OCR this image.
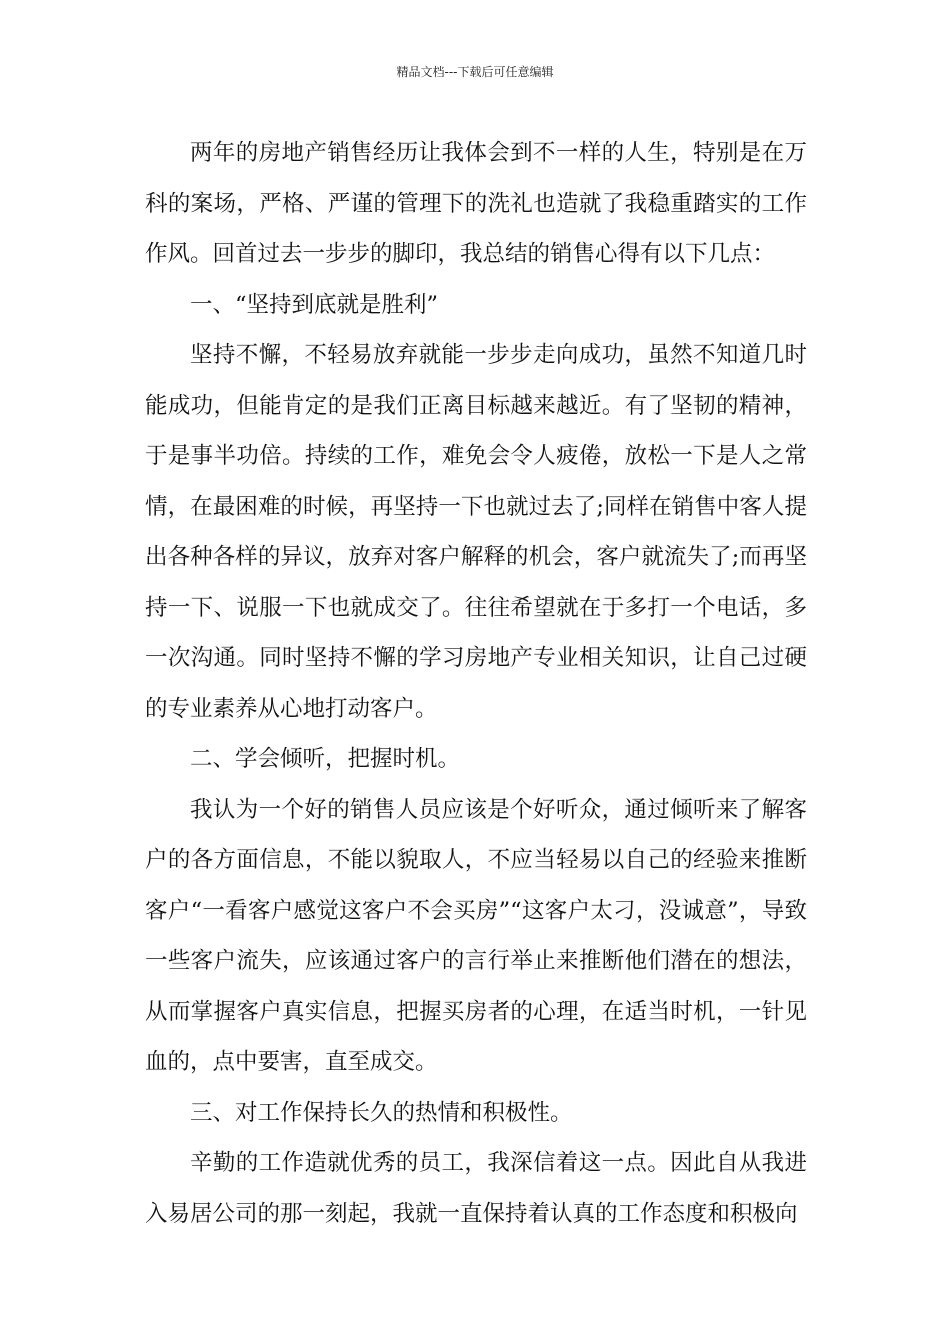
精品文档---下载后可任意编辑

两年的房地产销售经历让我体会到不一样的人生，特别是在万科的案场，严格、严谨的管理下的洗礼也造就了我稳重踏实的工作作风。回首过去一步步的脚印，我总结的销售心得有以下几点：

一、“坚持到底就是胜利”

坚持不懈，不轻易放弃就能一步步走向成功，虽然不知道几时能成功，但能肯定的是我们正离目标越来越近。有了坚韧的精神，于是事半功倍。持续的工作，难免会令人疲倦，放松一下是人之常情，在最困难的时候，再坚持一下也就过去了;同样在销售中客人提出各种各样的异议，放弃对客户解释的机会，客户就流失了;而再坚持一下、说服一下也就成交了。往往希望就在于多打一个电话，多一次沟通。同时坚持不懈的学习房地产专业相关知识，让自己过硬的专业素养从心地打动客户。

二、学会倾听，把握时机。

我认为一个好的销售人员应该是个好听众，通过倾听来了解客户的各方面信息，不能以貌取人，不应当轻易以自己的经验来推断客户“一看客户感觉这客户不会买房”“这客户太刁，没诚意”，导致一些客户流失，应该通过客户的言行举止来推断他们潜在的想法，从而掌握客户真实信息，把握买房者的心理，在适当时机，一针见血的，点中要害，直至成交。

三、对工作保持长久的热情和积极性。

辛勤的工作造就优秀的员工，我深信着这一点。因此自从我进入易居公司的那一刻起，我就一直保持着认真的工作态度和积极向
